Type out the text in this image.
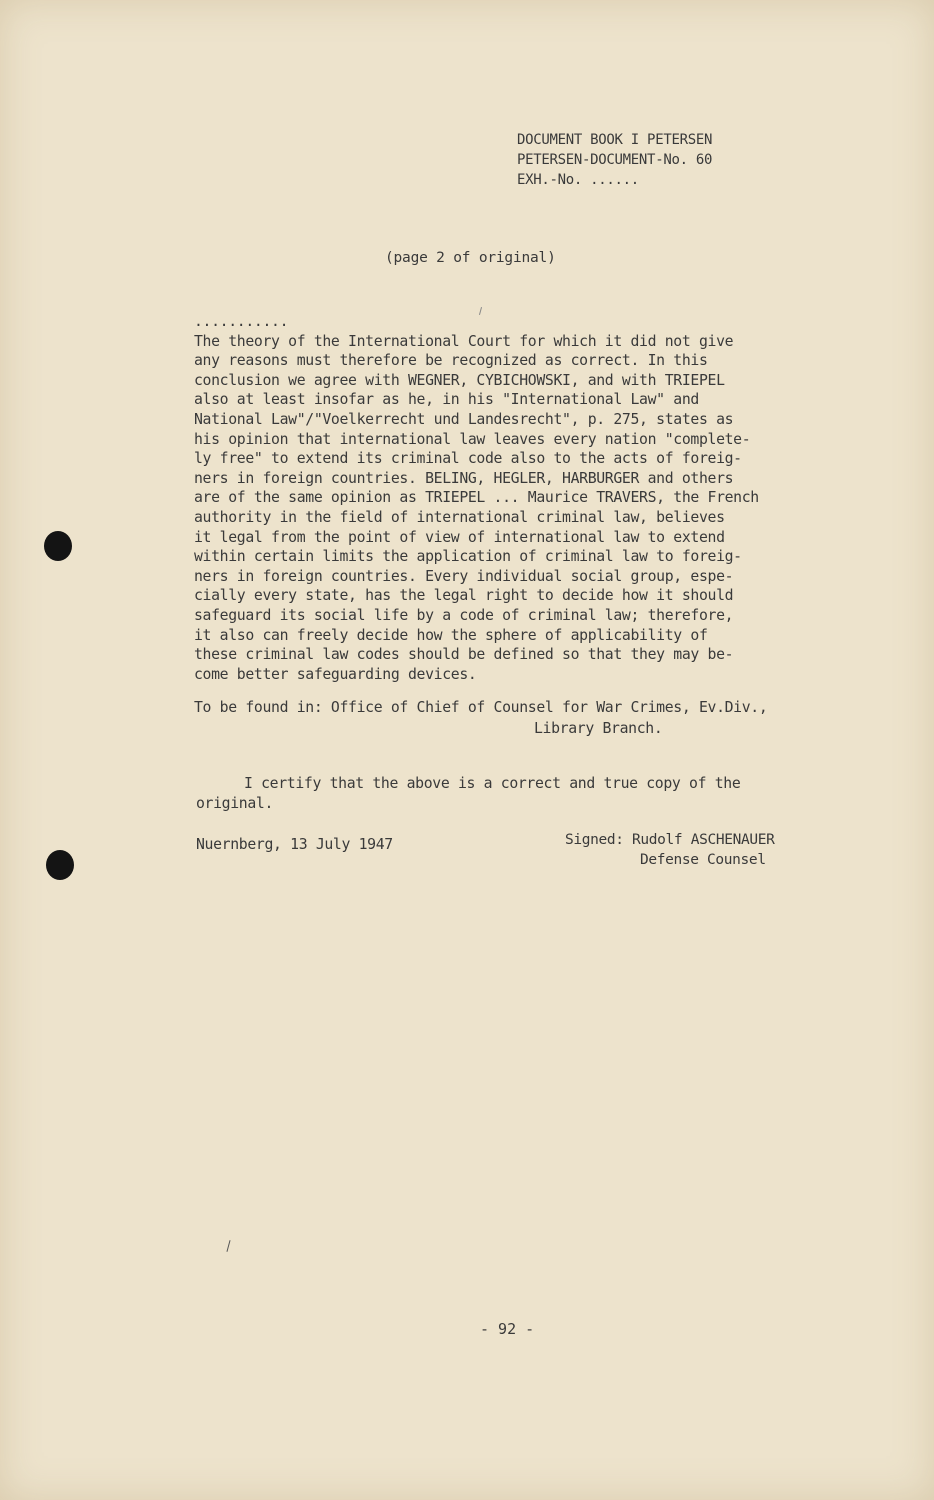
DOCUMENT BOOK I PETERSEN
PETERSEN-DOCUMENT-No. 60
EXH.-No. ......
(page 2 of original)
...........
The theory of the International Court for which it did not give
any reasons must therefore be recognized as correct. In this
conclusion we agree with WEGNER, CYBICHOWSKI, and with TRIEPEL
also at least insofar as he, in his "International Law" and
National Law"/"Voelkerrecht und Landesrecht", p. 275, states as
his opinion that international law leaves every nation "complete-
ly free" to extend its criminal code also to the acts of foreig-
ners in foreign countries. BELING, HEGLER, HARBURGER and others
are of the same opinion as TRIEPEL ... Maurice TRAVERS, the French
authority in the field of international criminal law, believes
it legal from the point of view of international law to extend
within certain limits the application of criminal law to foreig-
ners in foreign countries. Every individual social group, espe-
cially every state, has the legal right to decide how it should
safeguard its social life by a code of criminal law; therefore,
it also can freely decide how the sphere of applicability of
these criminal law codes should be defined so that they may be-
come better safeguarding devices.
To be found in: Office of Chief of Counsel for War Crimes, Ev.Div.,
Library Branch.
I certify that the above is a correct and true copy of the
original.
Nuernberg, 13 July 1947	Signed: Rudolf ASCHENAUER
Defense Counsel
- 92 -
